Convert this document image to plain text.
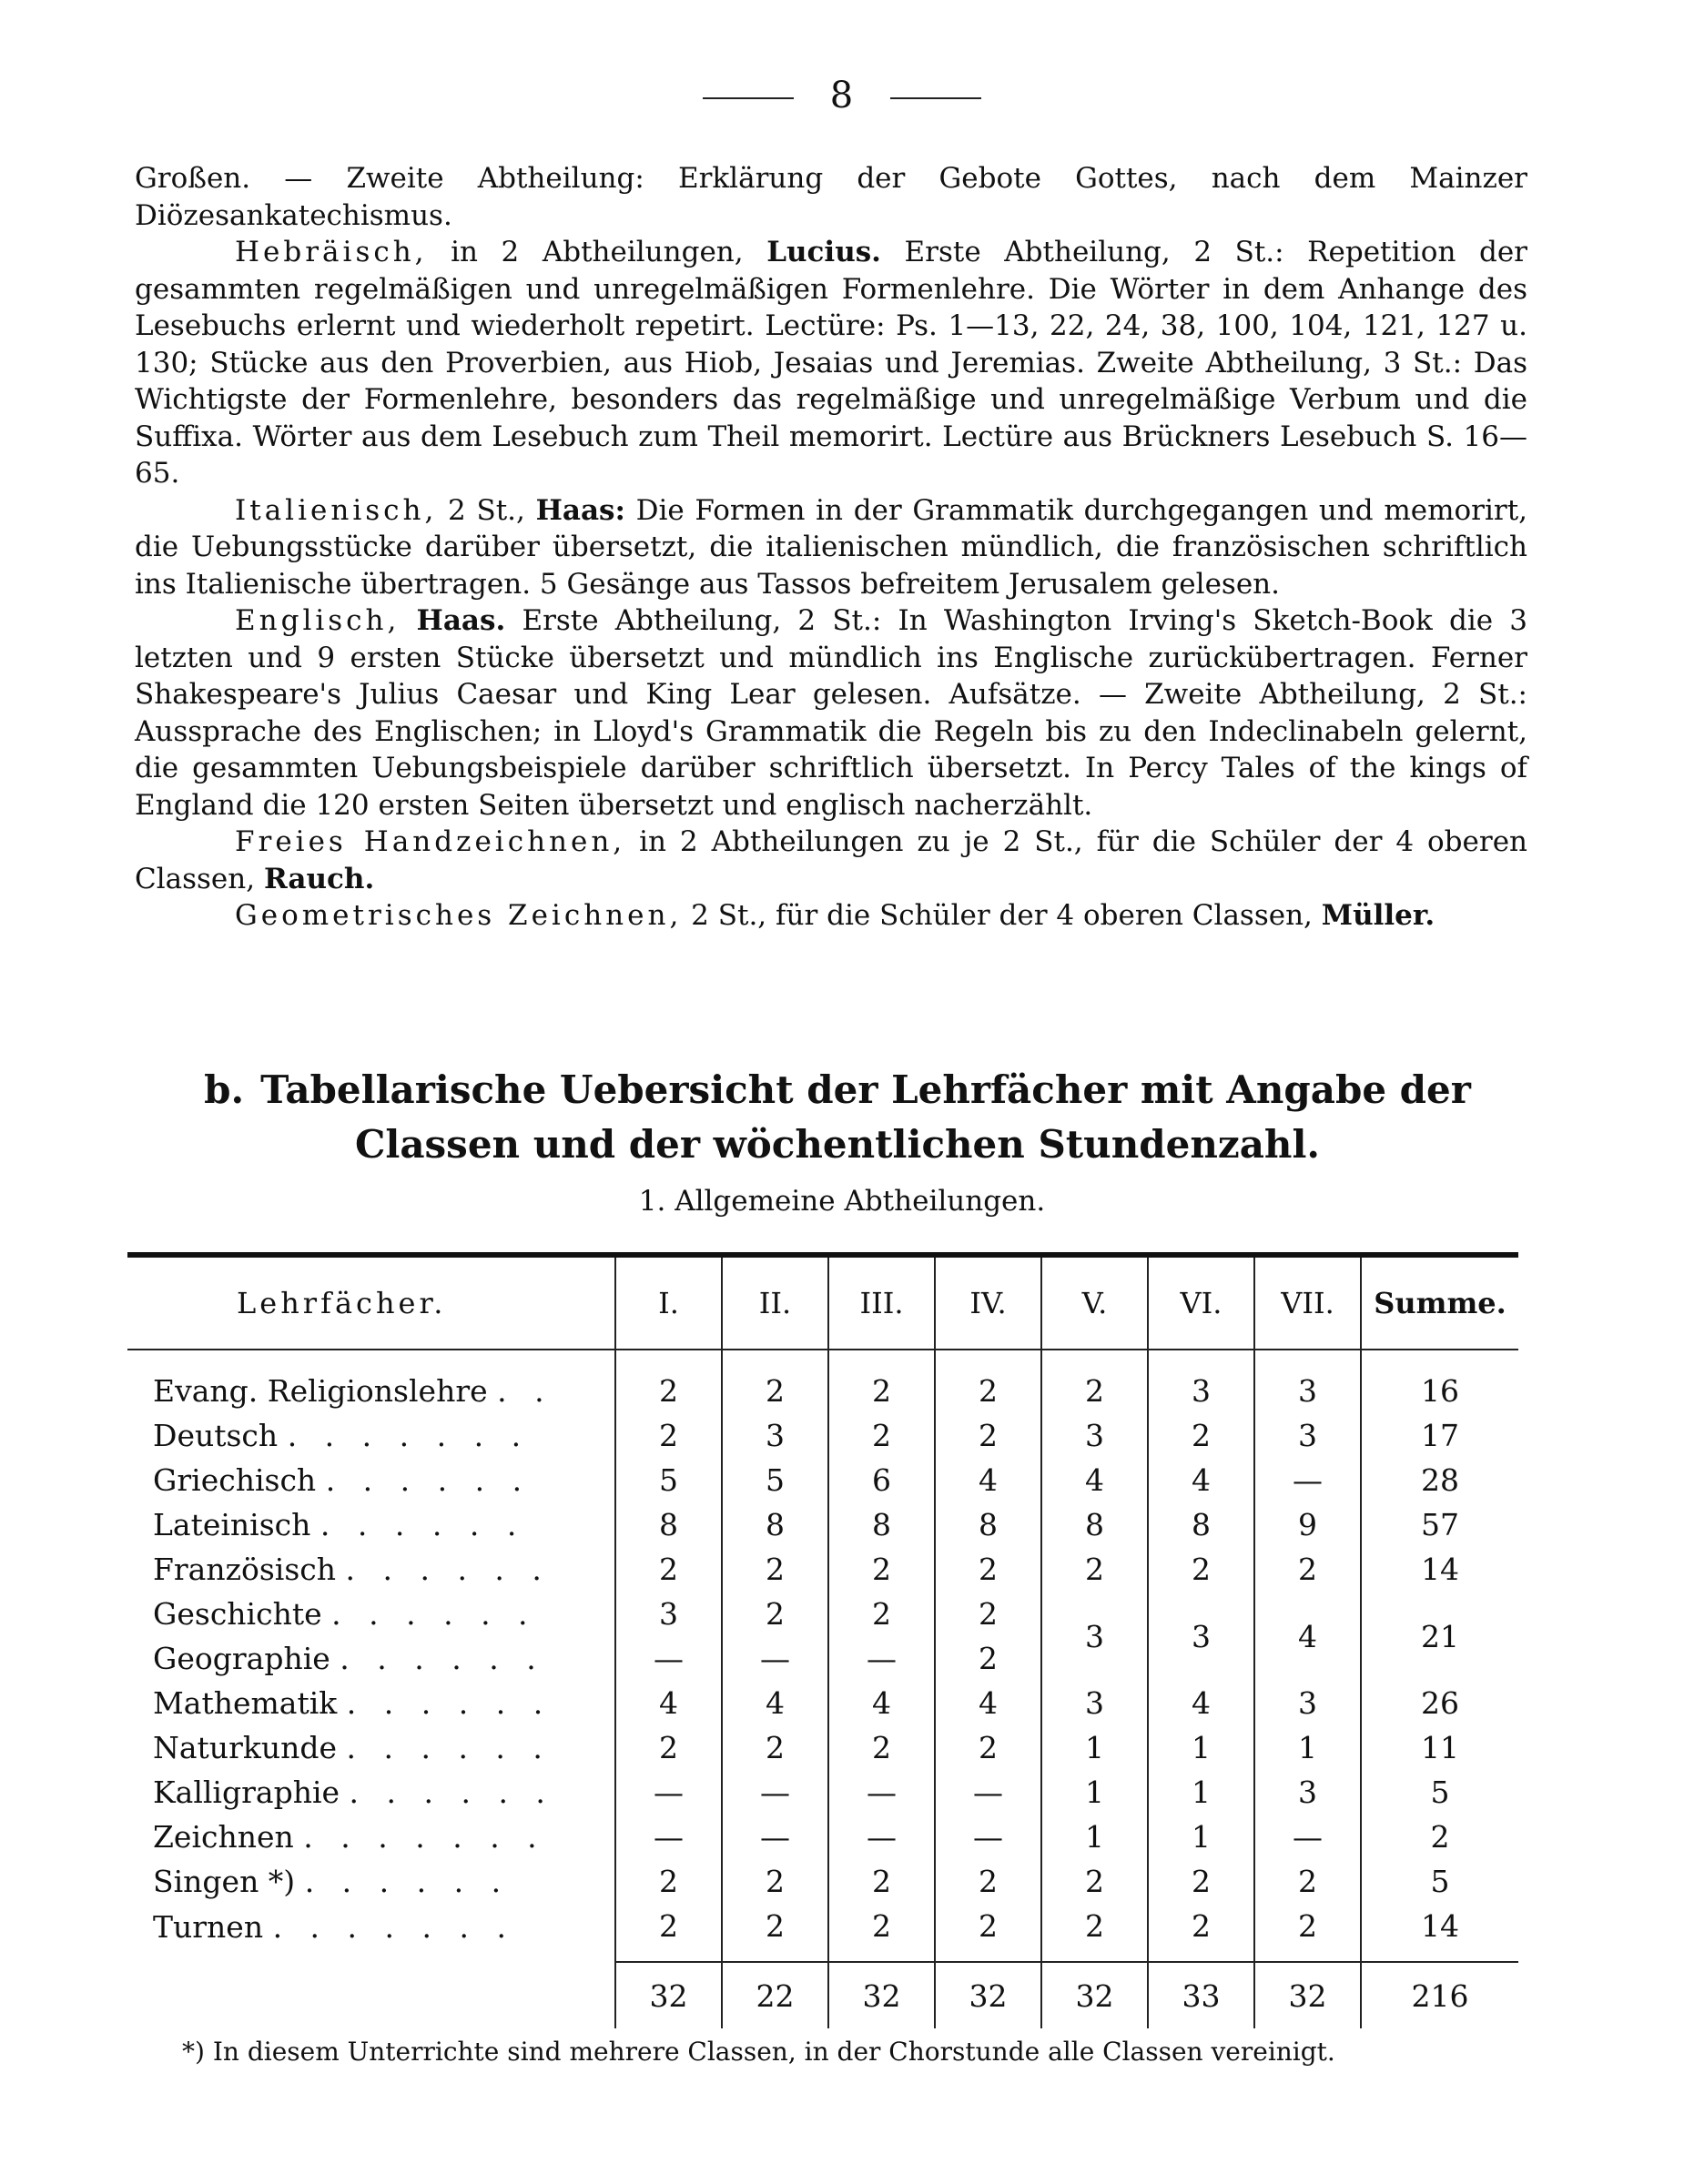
8

Großen. — Zweite Abtheilung: Erklärung der Gebote Gottes, nach dem Mainzer Diözesankatechismus.

Hebräisch, in 2 Abtheilungen, Lucius. Erste Abtheilung, 2 St.: Repetition der gesammten regelmäßigen und unregelmäßigen Formenlehre. Die Wörter in dem Anhange des Lesebuchs erlernt und wiederholt repetirt. Lectüre: Ps. 1—13, 22, 24, 38, 100, 104, 121, 127 u. 130; Stücke aus den Proverbien, aus Hiob, Jesaias und Jeremias. Zweite Abtheilung, 3 St.: Das Wichtigste der Formenlehre, besonders das regelmäßige und unregelmäßige Verbum und die Suffixa. Wörter aus dem Lesebuch zum Theil memorirt. Lectüre aus Brückners Lesebuch S. 16—65.

Italienisch, 2 St., Haas: Die Formen in der Grammatik durchgegangen und memorirt, die Uebungsstücke darüber übersetzt, die italienischen mündlich, die französischen schriftlich ins Italienische übertragen. 5 Gesänge aus Tassos befreitem Jerusalem gelesen.

Englisch, Haas. Erste Abtheilung, 2 St.: In Washington Irving's Sketch-Book die 3 letzten und 9 ersten Stücke übersetzt und mündlich ins Englische zurückübertragen. Ferner Shakespeare's Julius Caesar und King Lear gelesen. Aufsätze. — Zweite Abtheilung, 2 St.: Aussprache des Englischen; in Lloyd's Grammatik die Regeln bis zu den Indeclinabeln gelernt, die gesammten Uebungsbeispiele darüber schriftlich übersetzt. In Percy Tales of the kings of England die 120 ersten Seiten übersetzt und englisch nacherzählt.

Freies Handzeichnen, in 2 Abtheilungen zu je 2 St., für die Schüler der 4 oberen Classen, Rauch.

Geometrisches Zeichnen, 2 St., für die Schüler der 4 oberen Classen, Müller.

b. Tabellarische Uebersicht der Lehrfächer mit Angabe der Classen und der wöchentlichen Stundenzahl.
1. Allgemeine Abtheilungen.
Lehrfächer.	I.	II.	III.	IV.	V.	VI.	VII.	Summe.
Evang. Religionslehre . .	2	2	2	2	2	3	3	16
Deutsch . . . . . . .	2	3	2	2	3	2	3	17
Griechisch . . . . . .	5	5	6	4	4	4	—	28
Lateinisch . . . . . .	8	8	8	8	8	8	9	57
Französisch . . . . . .	2	2	2	2	2	2	2	14
Geschichte . . . . . .	3	2	2	2	3	3	4	21
Geographie . . . . . .	—	—	—	2				
Mathematik . . . . . .	4	4	4	4	3	4	3	26
Naturkunde . . . . . .	2	2	2	2	1	1	1	11
Kalligraphie . . . . . .	—	—	—	—	1	1	3	5
Zeichnen . . . . . . .	—	—	—	—	1	1	—	2
Singen *) . . . . . .	2	2	2	2	2	2	2	5
Turnen . . . . . . .	2	2	2	2	2	2	2	14
	32	22	32	32	32	33	32	216
*) In diesem Unterrichte sind mehrere Classen, in der Chorstunde alle Classen vereinigt.
